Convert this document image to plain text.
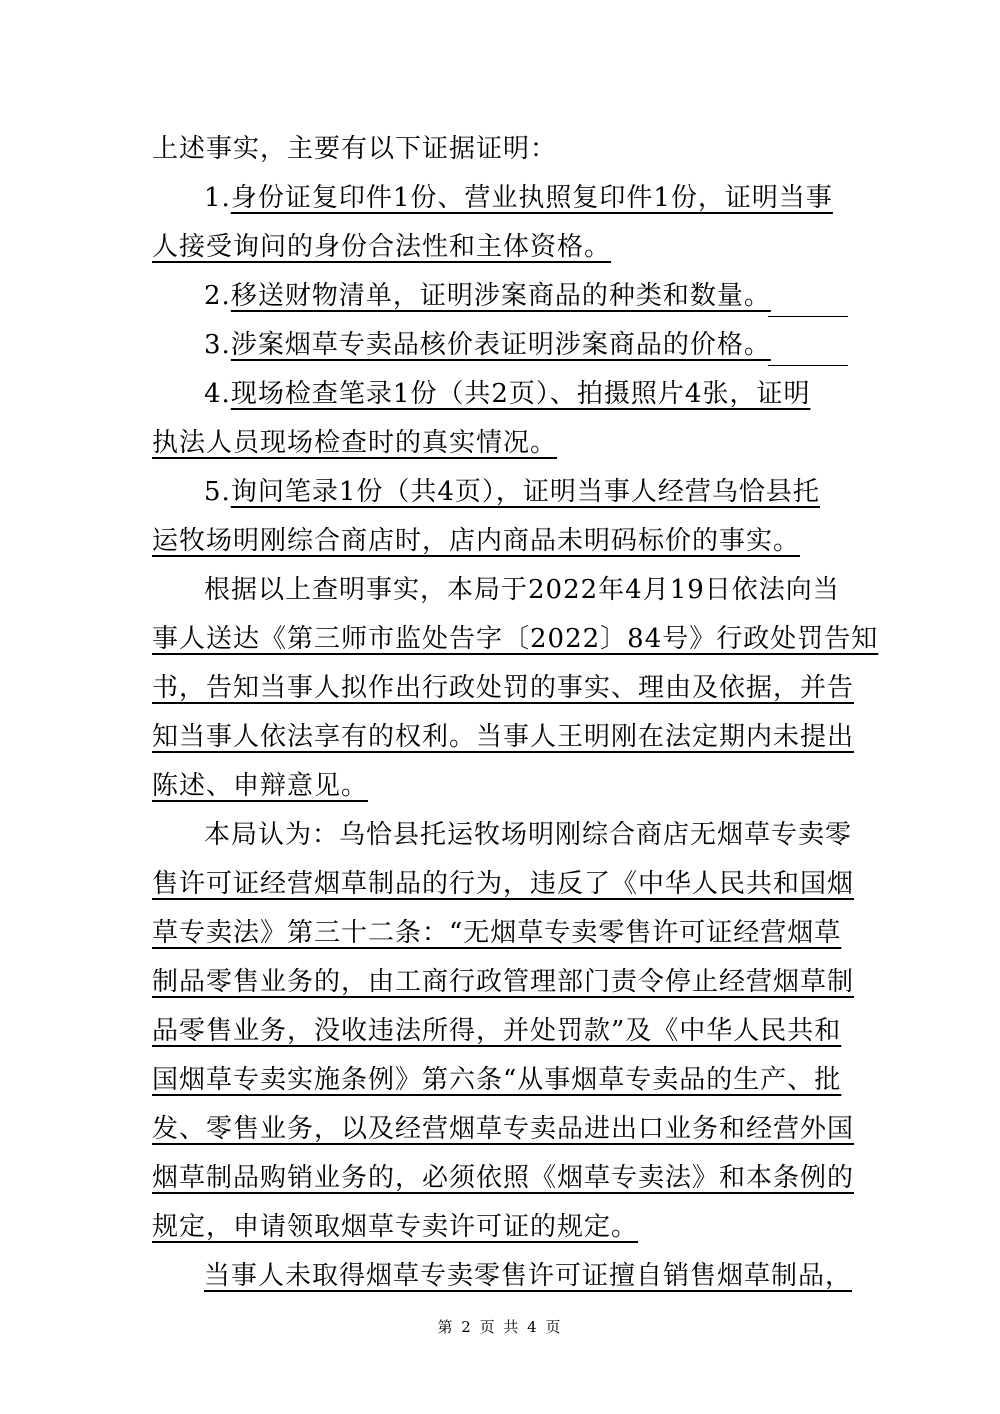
上述事实，主要有以下证据证明：
1.身份证复印件1份、营业执照复印件1份，证明当事
人接受询问的身份合法性和主体资格。
2.移送财物清单，证明涉案商品的种类和数量。
3.涉案烟草专卖品核价表证明涉案商品的价格。
4.现场检查笔录1份（共2页）、拍摄照片4张，证明
执法人员现场检查时的真实情况。
5.询问笔录1份（共4页），证明当事人经营乌恰县托
运牧场明刚综合商店时，店内商品未明码标价的事实。
根据以上查明事实，本局于2022年4月19日依法向当
事人送达《第三师市监处告字〔2022〕84号》行政处罚告知
书，告知当事人拟作出行政处罚的事实、理由及依据，并告
知当事人依法享有的权利。当事人王明刚在法定期内未提出
陈述、申辩意见。
本局认为：乌恰县托运牧场明刚综合商店无烟草专卖零
售许可证经营烟草制品的行为，违反了《中华人民共和国烟
草专卖法》第三十二条：“无烟草专卖零售许可证经营烟草
制品零售业务的，由工商行政管理部门责令停止经营烟草制
品零售业务，没收违法所得，并处罚款”及《中华人民共和
国烟草专卖实施条例》第六条“从事烟草专卖品的生产、批
发、零售业务，以及经营烟草专卖品进出口业务和经营外国
烟草制品购销业务的，必须依照《烟草专卖法》和本条例的
规定，申请领取烟草专卖许可证的规定。
当事人未取得烟草专卖零售许可证擅自销售烟草制品，
第 2 页 共 4 页
